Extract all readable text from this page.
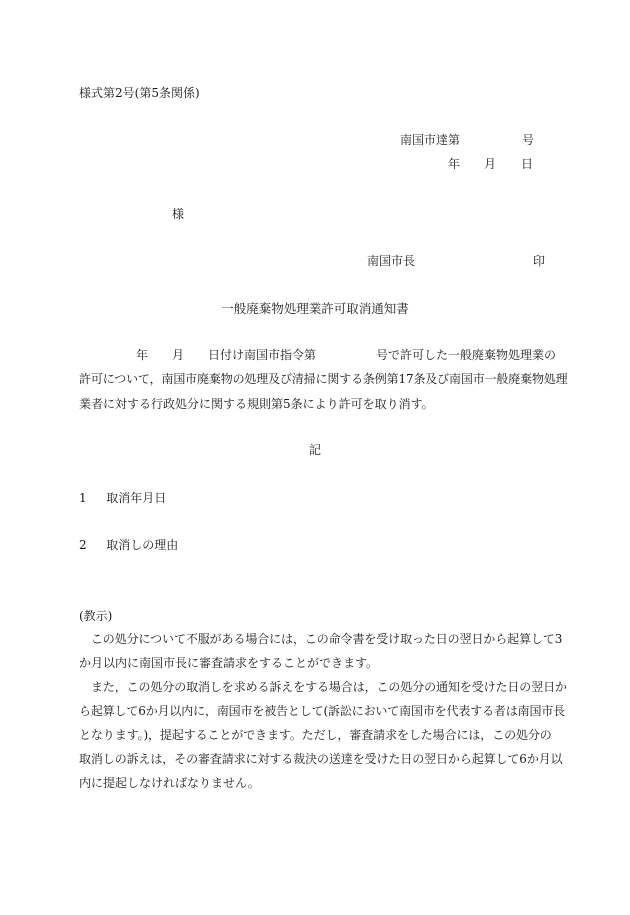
様式第2号(第5条関係)
南国市達第	号
年 月 日
様
南国市長	印
一般廃棄物処理業許可取消通知書
年 月 日付け南国市指令第	号で許可した一般廃棄物処理業の
許可について，南国市廃棄物の処理及び清掃に関する条例第17条及び南国市一般廃棄物処理
業者に対する行政処分に関する規則第5条により許可を取り消す。
記
1 取消年月日
2 取消しの理由
(教示)
　この処分について不服がある場合には，この命令書を受け取った日の翌日から起算して3
か月以内に南国市長に審査請求をすることができます。
　また，この処分の取消しを求める訴えをする場合は，この処分の通知を受けた日の翌日か
ら起算して6か月以内に，南国市を被告として(訴訟において南国市を代表する者は南国市長
となります。)，提起することができます。ただし，審査請求をした場合には，この処分の
取消しの訴えは，その審査請求に対する裁決の送達を受けた日の翌日から起算して6か月以
内に提起しなければなりません。
